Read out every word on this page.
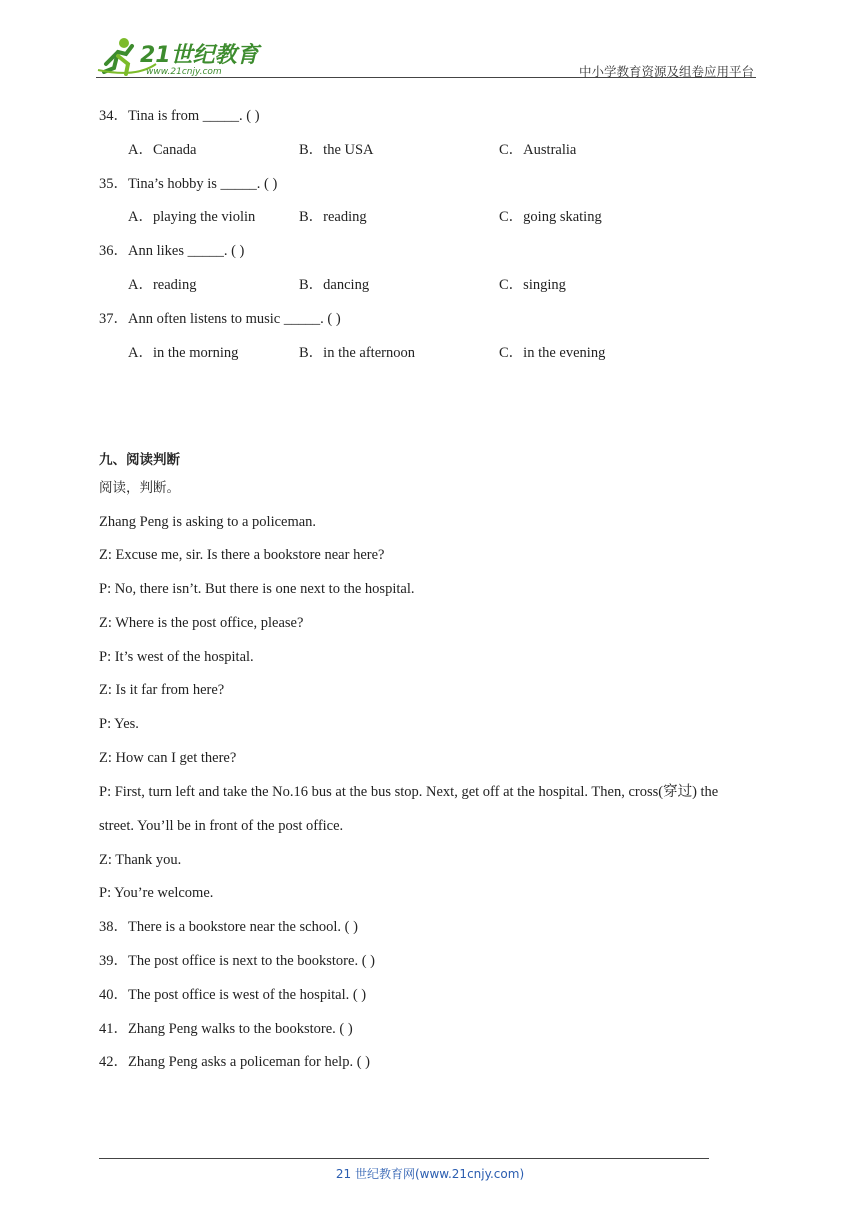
21世纪教育
www.21cnjy.com	中小学教育资源及组卷应用平台
34．Tina is from _____. ( )
A．Canada	B．the USA	C．Australia
35．Tina’s hobby is _____. ( )
A．playing the violin	B．reading	C．going skating
36．Ann likes _____. ( )
A．reading	B．dancing	C．singing
37．Ann often listens to music _____. ( )
A．in the morning	B．in the afternoon	C．in the evening
九、阅读判断
阅读，判断。
Zhang Peng is asking to a policeman.
Z: Excuse me, sir. Is there a bookstore near here?
P: No, there isn’t. But there is one next to the hospital.
Z: Where is the post office, please?
P: It’s west of the hospital.
Z: Is it far from here?
P: Yes.
Z: How can I get there?
P: First, turn left and take the No.16 bus at the bus stop. Next, get off at the hospital. Then, cross(穿过) the
street. You’ll be in front of the post office.
Z: Thank you.
P: You’re welcome.
38．There is a bookstore near the school. ( )
39．The post office is next to the bookstore. ( )
40．The post office is west of the hospital. ( )
41．Zhang Peng walks to the bookstore. ( )
42．Zhang Peng asks a policeman for help. ( )
21 世纪教育网(www.21cnjy.com)
